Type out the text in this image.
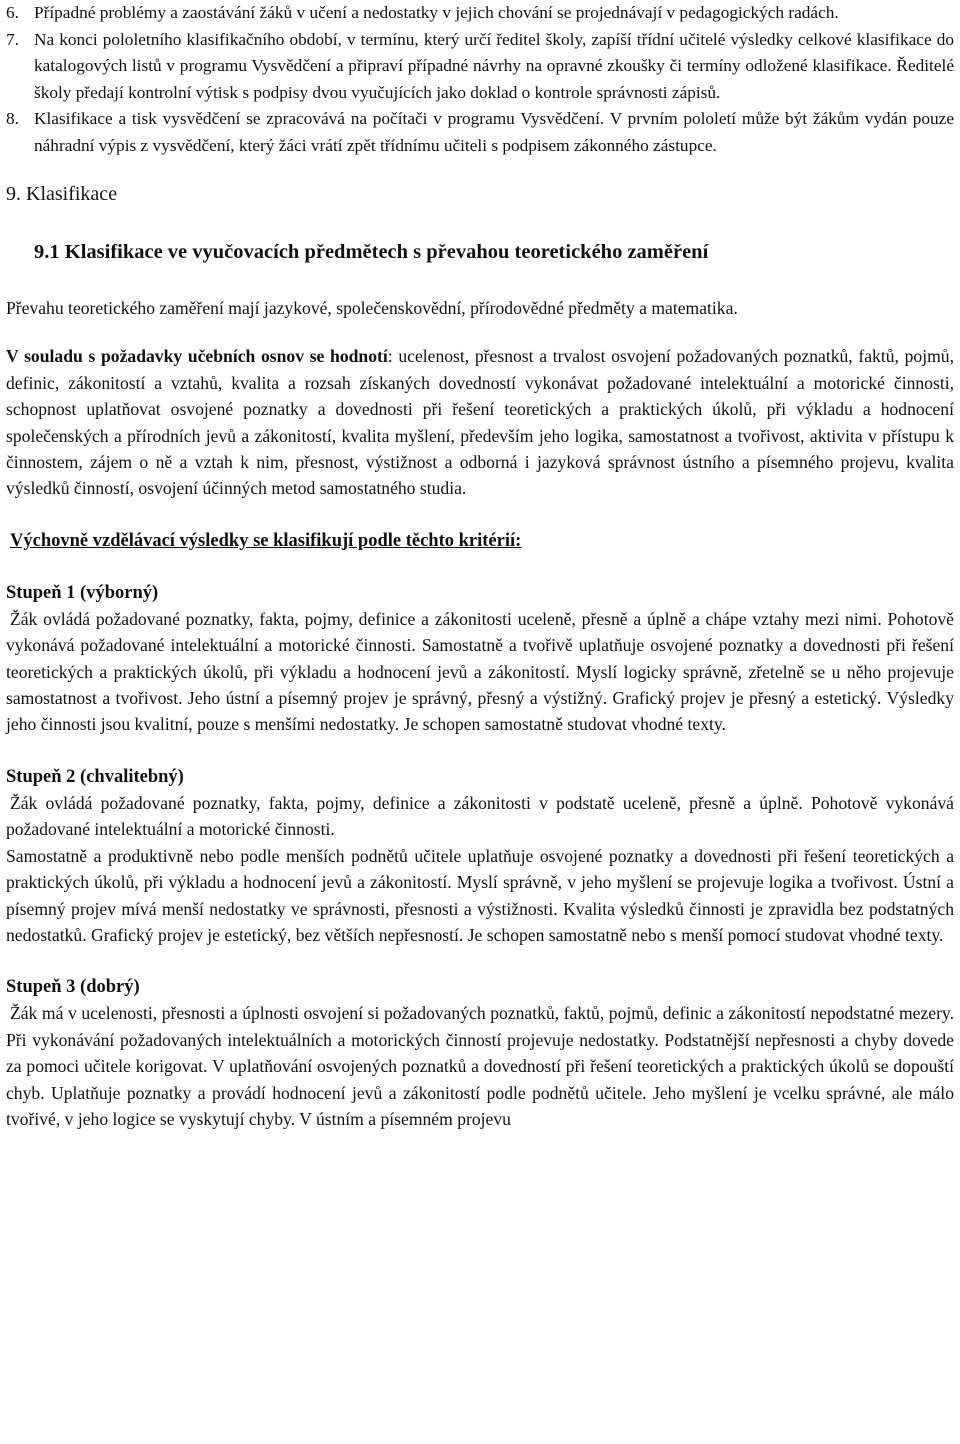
6. Případné problémy a zaostávání žáků v učení a nedostatky v jejich chování se projednávají v pedagogických radách.

7. Na konci pololetního klasifikačního období, v termínu, který určí ředitel školy, zapíší třídní učitelé výsledky celkové klasifikace do katalogových listů v programu Vysvědčení a připraví případné návrhy na opravné zkoušky či termíny odložené klasifikace. Ředitelé školy předají kontrolní výtisk s podpisy dvou vyučujících jako doklad o kontrole správnosti zápisů.

8. Klasifikace a tisk vysvědčení se zpracovává na počítači v programu Vysvědčení. V prvním pololetí může být žákům vydán pouze náhradní výpis z vysvědčení, který žáci vrátí zpět třídnímu učiteli s podpisem zákonného zástupce.

9. Klasifikace

9.1 Klasifikace ve vyučovacích předmětech s převahou teoretického zaměření

Převahu teoretického zaměření mají jazykové, společenskovědní, přírodovědné předměty a matematika.

V souladu s požadavky učebních osnov se hodnotí: ucelenost, přesnost a trvalost osvojení požadovaných poznatků, faktů, pojmů, definic, zákonitostí a vztahů, kvalita a rozsah získaných dovedností vykonávat požadované intelektuální a motorické činnosti, schopnost uplatňovat osvojené poznatky a dovednosti při řešení teoretických a praktických úkolů, při výkladu a hodnocení společenských a přírodních jevů a zákonitostí, kvalita myšlení, především jeho logika, samostatnost a tvořivost, aktivita v přístupu k činnostem, zájem o ně a vztah k nim, přesnost, výstižnost a odborná i jazyková správnost ústního a písemného projevu, kvalita výsledků činností, osvojení účinných metod samostatného studia.

Výchovně vzdělávací výsledky se klasifikují podle těchto kritérií:

Stupeň 1 (výborný)

Žák ovládá požadované poznatky, fakta, pojmy, definice a zákonitosti uceleně, přesně a úplně a chápe vztahy mezi nimi. Pohotově vykonává požadované intelektuální a motorické činnosti. Samostatně a tvořivě uplatňuje osvojené poznatky a dovednosti při řešení teoretických a praktických úkolů, při výkladu a hodnocení jevů a zákonitostí. Myslí logicky správně, zřetelně se u něho projevuje samostatnost a tvořivost. Jeho ústní a písemný projev je správný, přesný a výstižný. Grafický projev je přesný a estetický. Výsledky jeho činnosti jsou kvalitní, pouze s menšími nedostatky. Je schopen samostatně studovat vhodné texty.

Stupeň 2 (chvalitebný)

Žák ovládá požadované poznatky, fakta, pojmy, definice a zákonitosti v podstatě uceleně, přesně a úplně. Pohotově vykonává požadované intelektuální a motorické činnosti.

Samostatně a produktivně nebo podle menších podnětů učitele uplatňuje osvojené poznatky a dovednosti při řešení teoretických a praktických úkolů, při výkladu a hodnocení jevů a zákonitostí. Myslí správně, v jeho myšlení se projevuje logika a tvořivost. Ústní a písemný projev mívá menší nedostatky ve správnosti, přesnosti a výstižnosti. Kvalita výsledků činnosti je zpravidla bez podstatných nedostatků. Grafický projev je estetický, bez větších nepřesností. Je schopen samostatně nebo s menší pomocí studovat vhodné texty.

Stupeň 3 (dobrý)

Žák má v ucelenosti, přesnosti a úplnosti osvojení si požadovaných poznatků, faktů, pojmů, definic a zákonitostí nepodstatné mezery. Při vykonávání požadovaných intelektuálních a motorických činností projevuje nedostatky. Podstatnější nepřesnosti a chyby dovede za pomoci učitele korigovat. V uplatňování osvojených poznatků a dovedností při řešení teoretických a praktických úkolů se dopouští chyb. Uplatňuje poznatky a provádí hodnocení jevů a zákonitostí podle podnětů učitele. Jeho myšlení je vcelku správné, ale málo tvořivé, v jeho logice se vyskytují chyby. V ústním a písemném projevu
